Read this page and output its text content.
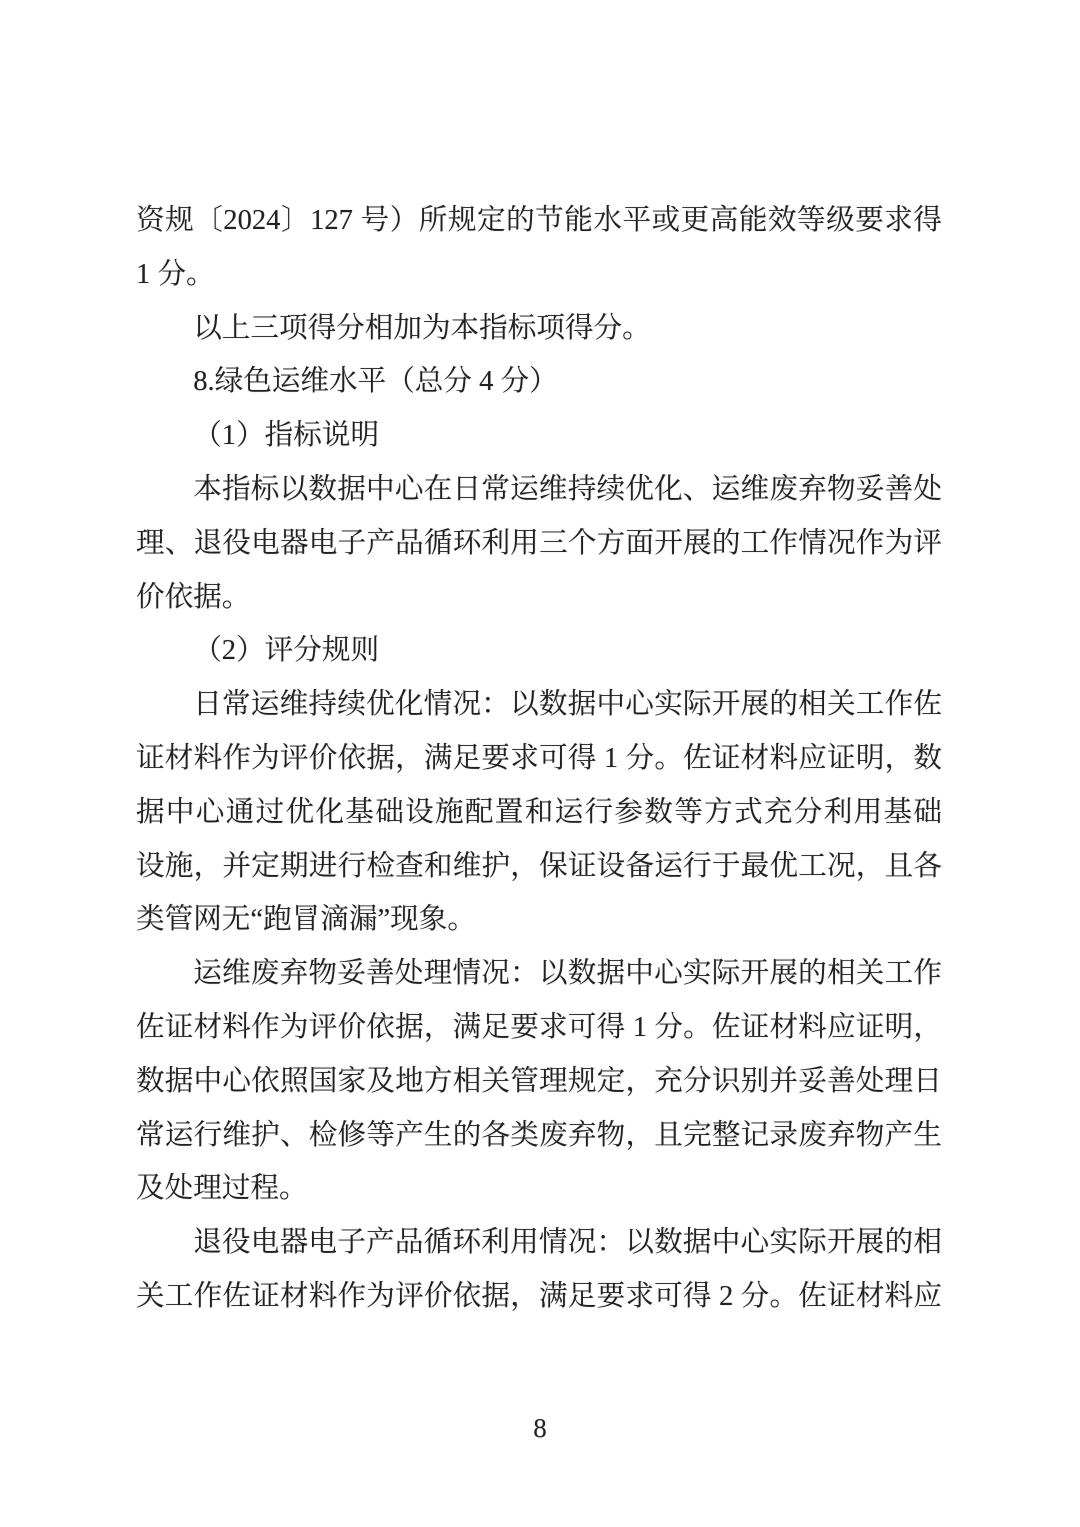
资规〔2024〕127 号）所规定的节能水平或更高能效等级要求得
1 分。
以上三项得分相加为本指标项得分。
8.绿色运维水平（总分 4 分）
（1）指标说明
本指标以数据中心在日常运维持续优化、运维废弃物妥善处
理、退役电器电子产品循环利用三个方面开展的工作情况作为评
价依据。
（2）评分规则
日常运维持续优化情况：以数据中心实际开展的相关工作佐
证材料作为评价依据，满足要求可得 1 分。佐证材料应证明，数
据中心通过优化基础设施配置和运行参数等方式充分利用基础
设施，并定期进行检查和维护，保证设备运行于最优工况，且各
类管网无“跑冒滴漏”现象。
运维废弃物妥善处理情况：以数据中心实际开展的相关工作
佐证材料作为评价依据，满足要求可得 1 分。佐证材料应证明，
数据中心依照国家及地方相关管理规定，充分识别并妥善处理日
常运行维护、检修等产生的各类废弃物，且完整记录废弃物产生
及处理过程。
退役电器电子产品循环利用情况：以数据中心实际开展的相
关工作佐证材料作为评价依据，满足要求可得 2 分。佐证材料应
8
